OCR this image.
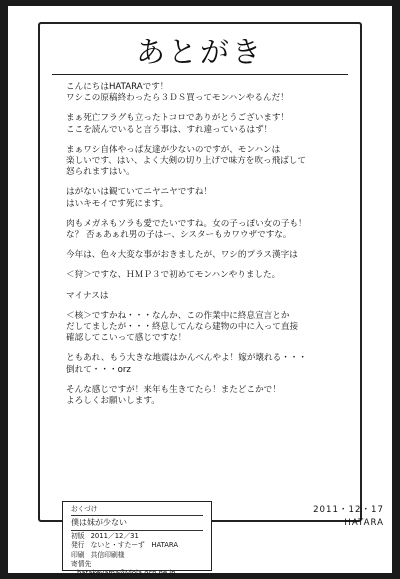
あとがき

こんにちはHATARAです！
ワシこの原稿終わったら３ＤＳ買ってモンハンやるんだ！

まぁ死亡フラグも立ったトコロでありがとうございます！
ここを読んでいると言う事は、すれ違っているはず！

まぁワシ自体やっぱ友達が少ないのですが、モンハンは
楽しいです、はい、よく大剣の切り上げで味方を吹っ飛ばして
怒られますはい。

はがないは観ていてニヤニヤですね！
はいキモイです死にます。

肉もメガネもソラも愛でたいですね。女の子っぽい女の子も！
な？ 否ぁあぁれ男の子はー、シスターもカワウザですな。

今年は、色々大変な事がおきましたが、ワシ的プラス漢字は

＜狩＞ですな、ＨＭＰ３で初めてモンハンやりました。

マイナスは

＜核＞ですかね・・・なんか、この作業中に終息宣言とか
だしてましたが・・・終息してんなら建物の中に入って直接
確認してこいって感じですな！

ともあれ、もう大きな地震はかんべんやよ！嫁が壊れる・・・
倒れて・・・orz

そんな感じですが！来年も生きてたら！またどこかで！
よろしくお願いします。

2011・12・17
HATARA
おくづけ
僕は妹が少ない
初版 2011／12／31
発行 ないと・すたーず　HATARA
印刷 共信印刷様
寄情先
hatakeyama@viola.ocn.ne.jp
